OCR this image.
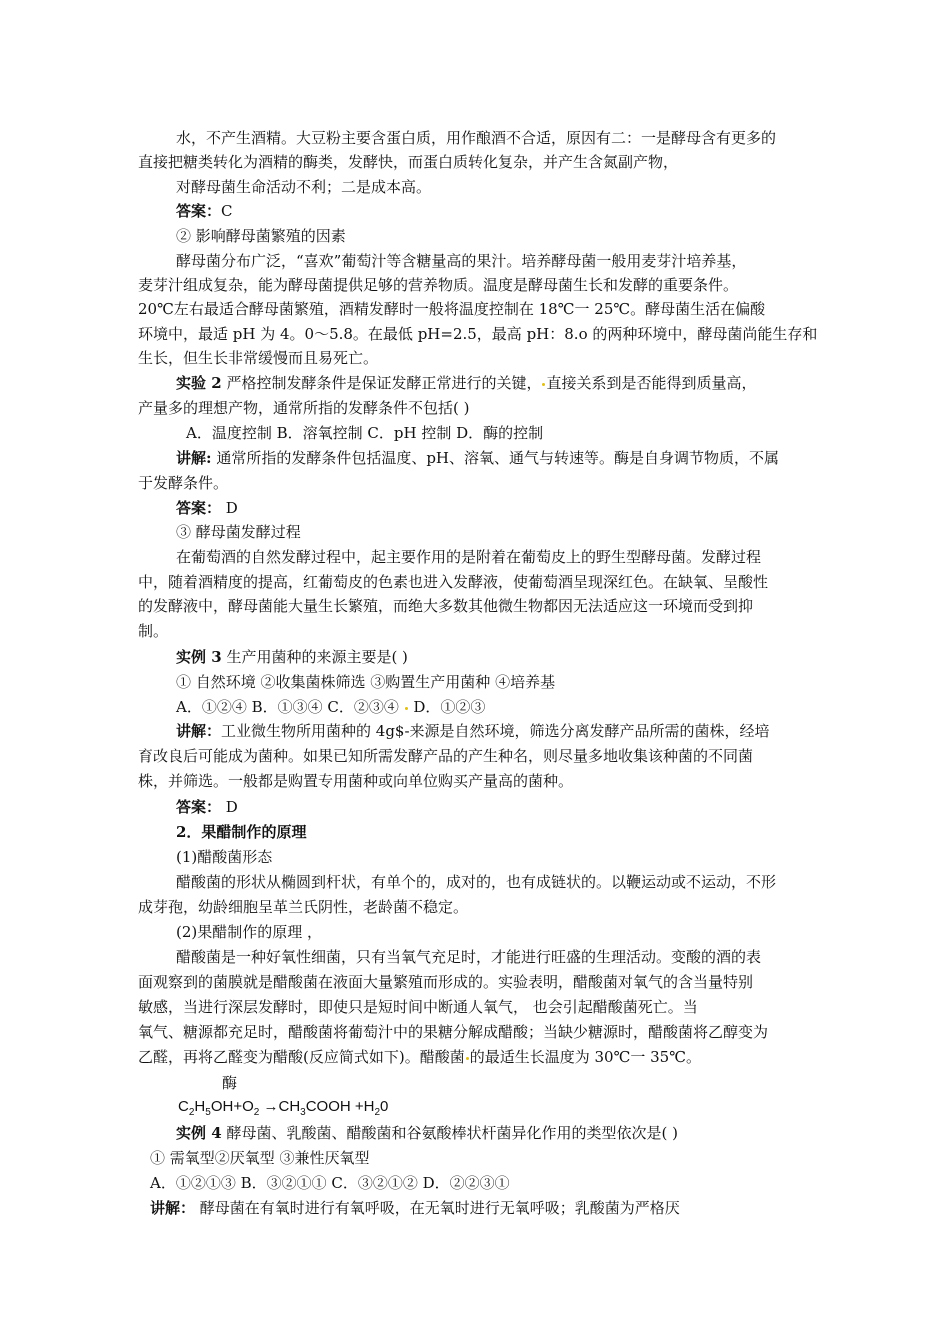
水，不产生酒精。大豆粉主要含蛋白质，用作酿酒不合适，原因有二：一是酵母含有更多的
直接把糖类转化为酒精的酶类，发酵快，而蛋白质转化复杂，并产生含氮副产物，
对酵母菌生命活动不利；二是成本高。
答案：C
② 影响酵母菌繁殖的因素
酵母菌分布广泛，“喜欢”葡萄汁等含糖量高的果汁。培养酵母菌一般用麦芽汁培养基，
麦芽汁组成复杂，能为酵母菌提供足够的营养物质。温度是酵母菌生长和发酵的重要条件。
20℃左右最适合酵母菌繁殖，酒精发酵时一般将温度控制在 18℃一 25℃。酵母菌生活在偏酸
环境中，最适 pH 为 4。0～5.8。在最低 pH=2.5，最高 pH：8.o 的两种环境中，酵母菌尚能生存和
生长，但生长非常缓慢而且易死亡。
实验 2 严格控制发酵条件是保证发酵正常进行的关键， 直接关系到是否能得到质量高，
产量多的理想产物，通常所指的发酵条件不包括( )
A．温度控制 B．溶氧控制 C．pH 控制 D．酶的控制
讲解: 通常所指的发酵条件包括温度、pH、溶氧、通气与转速等。酶是自身调节物质，不属
于发酵条件。
答案： D
③ 酵母菌发酵过程
在葡萄酒的自然发酵过程中，起主要作用的是附着在葡萄皮上的野生型酵母菌。发酵过程
中，随着酒精度的提高，红葡萄皮的色素也进入发酵液，使葡萄酒呈现深红色。在缺氧、呈酸性
的发酵液中，酵母菌能大量生长繁殖，而绝大多数其他微生物都因无法适应这一环境而受到抑
制。
实例 3 生产用菌种的来源主要是( )
① 自然环境 ②收集菌株筛选 ③购置生产用菌种 ④培养基
A．①②④ B．①③④ C．②③④  D．①②③
讲解：工业微生物所用菌种的 4g$-来源是自然环境，筛选分离发酵产品所需的菌株，经培
育改良后可能成为菌种。如果已知所需发酵产品的产生种名，则尽量多地收集该种菌的不同菌
株，并筛选。一般都是购置专用菌种或向单位购买产量高的菌种。
答案： D
2．果醋制作的原理
(1)醋酸菌形态
醋酸菌的形状从椭圆到杆状，有单个的，成对的，也有成链状的。以鞭运动或不运动，不形
成芽孢，幼龄细胞呈革兰氏阴性，老龄菌不稳定。
(2)果醋制作的原理 ，
醋酸菌是一种好氧性细菌，只有当氧气充足时，才能进行旺盛的生理活动。变酸的酒的表
面观察到的菌膜就是醋酸菌在液面大量繁殖而形成的。实验表明，醋酸菌对氧气的含当量特别
敏感，当进行深层发酵时，即使只是短时间中断通人氧气， 也会引起醋酸菌死亡。当
氧气、糖源都充足时，醋酸菌将葡萄汁中的果糖分解成醋酸；当缺少糖源时，醋酸菌将乙醇变为
乙醛，再将乙醛变为醋酸(反应简式如下)。醋酸菌 的最适生长温度为 30℃一 35℃。
酶
$C_2H_5OH+O_2$ $\to CH_3COOH +H_20$
实例 4 酵母菌、乳酸菌、醋酸菌和谷氨酸棒状杆菌异化作用的类型依次是( )
① 需氧型②厌氧型 ③兼性厌氧型
A．①②①③ B．③②①① C．③②①② D．②②③①
讲解： 酵母菌在有氧时进行有氧呼吸，在无氧时进行无氧呼吸；乳酸菌为严格厌
